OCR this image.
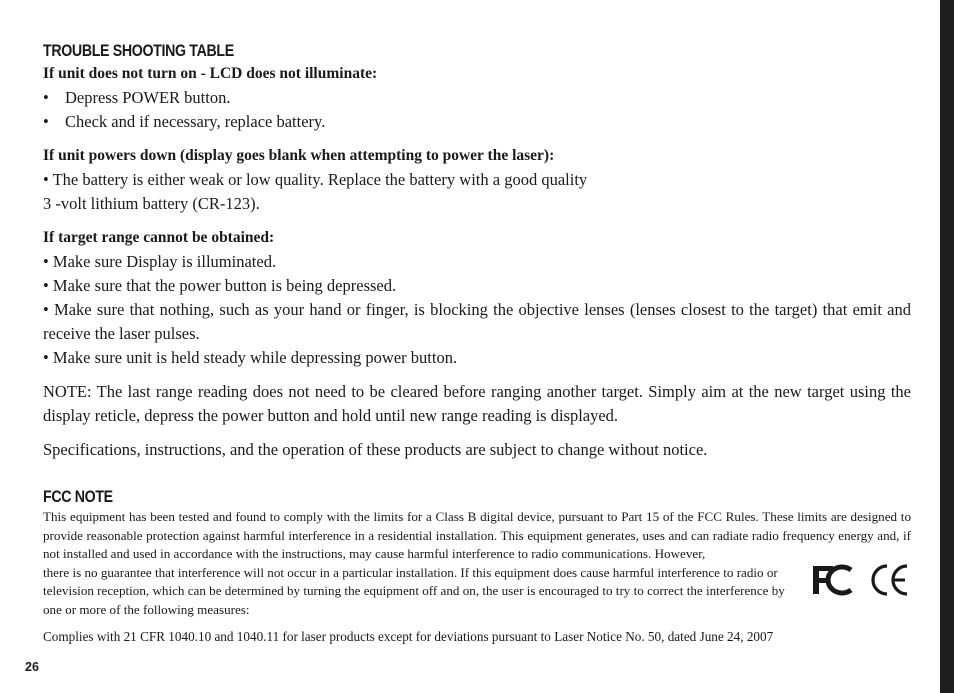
TROUBLE SHOOTING TABLE

If unit does not turn on - LCD does not illuminate:

• Depress POWER button.
• Check and if necessary, replace battery.

If unit powers down (display goes blank when attempting to power the laser):

• The battery is either weak or low quality. Replace the battery with a good quality

3 -volt lithium battery (CR-123).

If target range cannot be obtained:

• Make sure Display is illuminated.

• Make sure that the power button is being depressed.

• Make sure that nothing, such as your hand or finger, is blocking the objective lenses (lenses closest to the target) that emit and receive the laser pulses.

• Make sure unit is held steady while depressing power button.

NOTE: The last range reading does not need to be cleared before ranging another target. Simply aim at the new target using the display reticle, depress the power button and hold until new range reading is displayed.

Specifications, instructions, and the operation of these products are subject to change without notice.

FCC NOTE

This equipment has been tested and found to comply with the limits for a Class B digital device, pursuant to Part 15 of the FCC Rules. These limits are designed to provide reasonable protection against harmful interference in a residential installation. This equipment generates, uses and can radiate radio frequency energy and, if not installed and used in accordance with the instructions, may cause harmful interference to radio communications. However,

there is no guarantee that interference will not occur in a particular installation. If this equipment does cause harmful interference to radio or television reception, which can be determined by turning the equipment off and on, the user is encouraged to try to correct the interference by one or more of the following measures:

FC	CE

Complies with 21 CFR 1040.10 and 1040.11 for laser products except for deviations pursuant to Laser Notice No. 50, dated June 24, 2007

26
